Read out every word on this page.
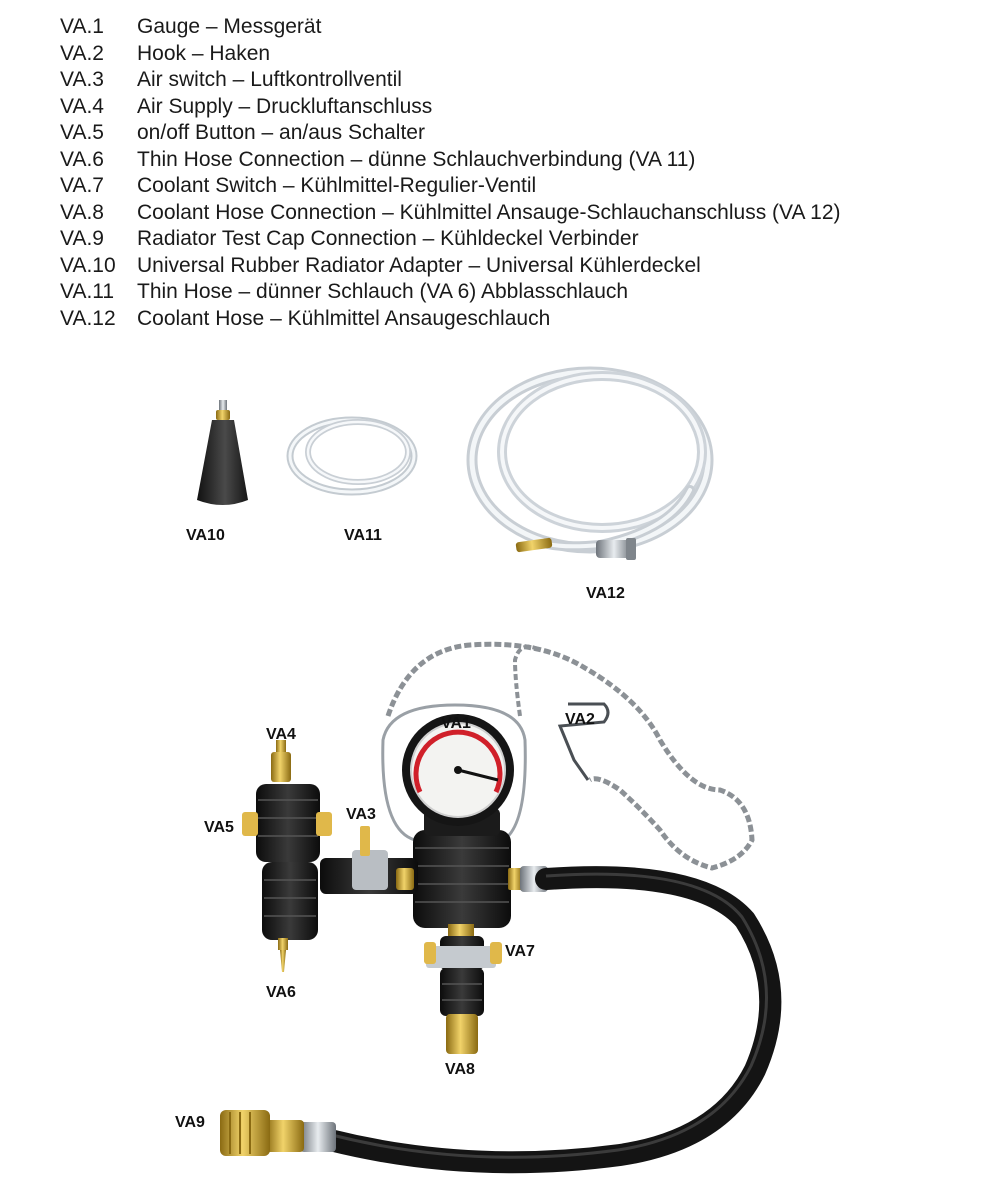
VA.1 Gauge – Messgerät
VA.2 Hook – Haken
VA.3 Air switch – Luftkontrollventil
VA.4 Air Supply – Druckluftanschluss
VA.5 on/off Button – an/aus Schalter
VA.6 Thin Hose Connection – dünne Schlauchverbindung (VA 11)
VA.7 Coolant Switch – Kühlmittel-Regulier-Ventil
VA.8 Coolant Hose Connection – Kühlmittel Ansauge-Schlauchanschluss (VA 12)
VA.9 Radiator Test Cap Connection – Kühldeckel Verbinder
VA.10 Universal Rubber Radiator Adapter – Universal Kühlerdeckel
VA.11 Thin Hose – dünner Schlauch (VA 6) Abblasschlauch
VA.12 Coolant Hose – Kühlmittel Ansaugeschlauch
VA10	VA11
VA12
VA2
VA1
VA4
VA5
VA6
VA3
VA7
VA8
VA9
